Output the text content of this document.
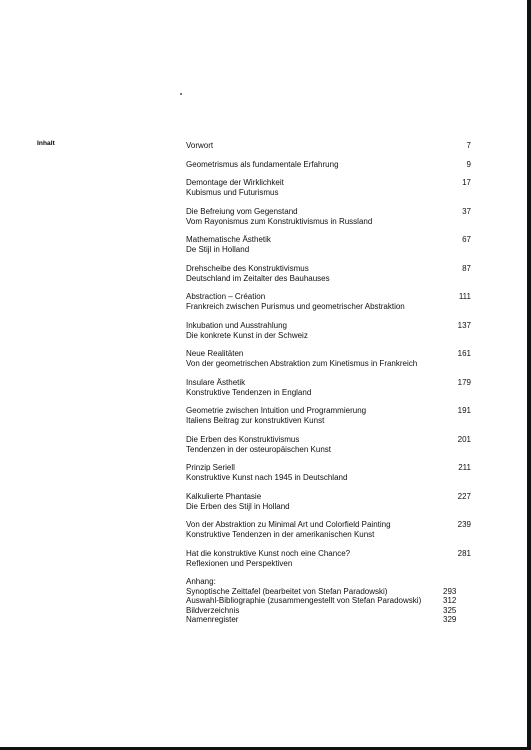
Inhalt	Vorwort	7
Geometrismus als fundamentale Erfahrung	9
Demontage der Wirklichkeit
Kubismus und Futurismus
17
Die Befreiung vom Gegenstand
Vom Rayonismus zum Konstruktivismus in Russland
37
Mathematische Ästhetik
De Stijl in Holland
67
Drehscheibe des Konstruktivismus
Deutschland im Zeitalter des Bauhauses
87
Abstraction – Création
Frankreich zwischen Purismus und geometrischer Abstraktion
111
Inkubation und Ausstrahlung
Die konkrete Kunst in der Schweiz
137
Neue Realitäten
Von der geometrischen Abstraktion zum Kinetismus in Frankreich
161
Insulare Ästhetik
Konstruktive Tendenzen in England
179
Geometrie zwischen Intuition und Programmierung
Italiens Beitrag zur konstruktiven Kunst
191
Die Erben des Konstruktivismus
Tendenzen in der osteuropäischen Kunst
201
Prinzip Seriell
Konstruktive Kunst nach 1945 in Deutschland
211
Kalkulierte Phantasie
Die Erben des Stijl in Holland
227
Von der Abstraktion zu Minimal Art und Colorfield Painting
Konstruktive Tendenzen in der amerikanischen Kunst
239
Hat die konstruktive Kunst noch eine Chance?
Reflexionen und Perspektiven
281
Anhang:
Synoptische Zeittafel (bearbeitet von Stefan Paradowski)	293
Auswahl-Bibliographie (zusammengestellt von Stefan Paradowski)	312
Bildverzeichnis	325
Namenregister	329
